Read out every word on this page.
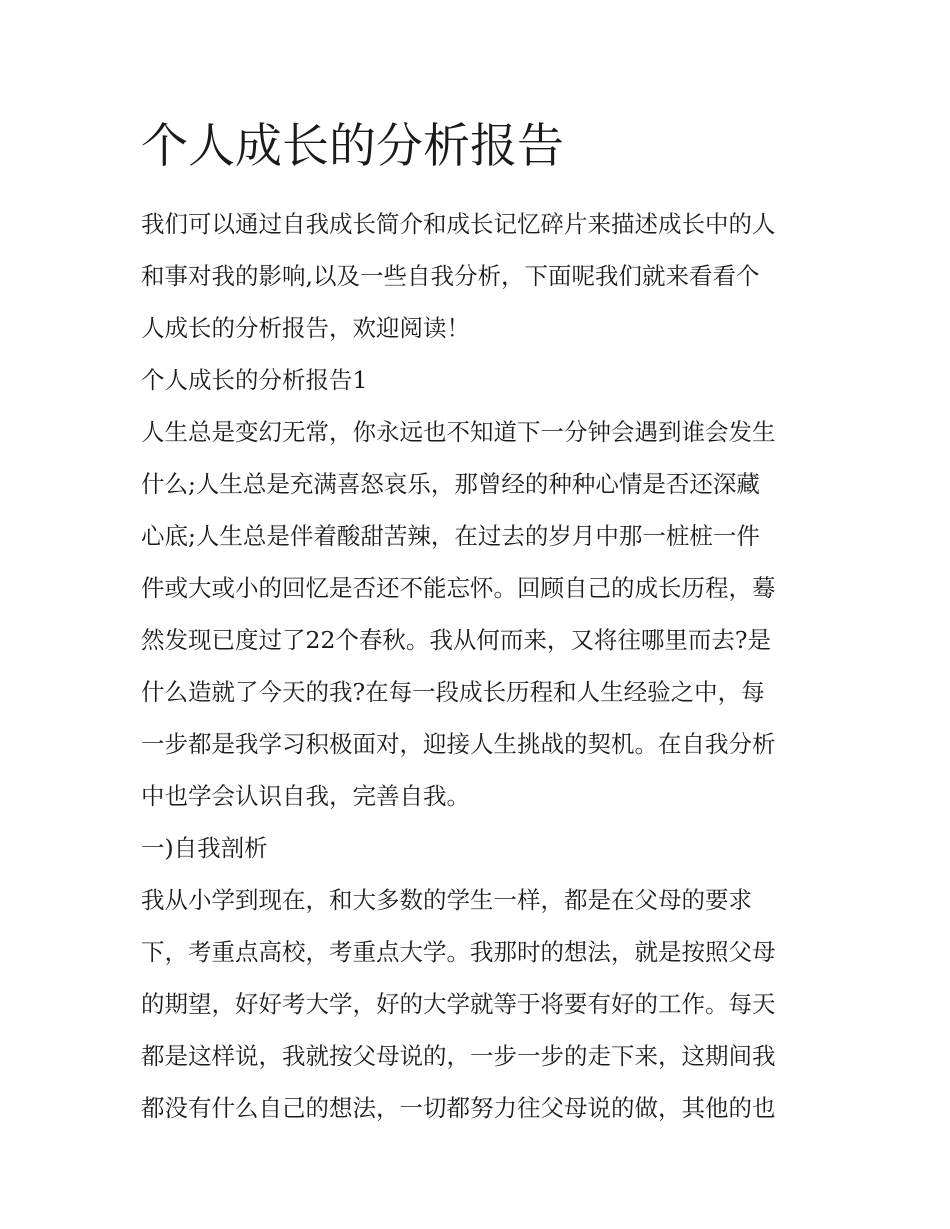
个人成长的分析报告

我们可以通过自我成长简介和成长记忆碎片来描述成长中的人
和事对我的影响,以及一些自我分析，下面呢我们就来看看个
人成长的分析报告，欢迎阅读！

个人成长的分析报告1

人生总是变幻无常，你永远也不知道下一分钟会遇到谁会发生
什么;人生总是充满喜怒哀乐，那曾经的种种心情是否还深藏
心底;人生总是伴着酸甜苦辣，在过去的岁月中那一桩桩一件
件或大或小的回忆是否还不能忘怀。回顾自己的成长历程，蓦
然发现已度过了22个春秋。我从何而来，又将往哪里而去?是
什么造就了今天的我?在每一段成长历程和人生经验之中，每
一步都是我学习积极面对，迎接人生挑战的契机。在自我分析
中也学会认识自我，完善自我。

一)自我剖析

我从小学到现在，和大多数的学生一样，都是在父母的要求
下，考重点高校，考重点大学。我那时的想法，就是按照父母
的期望，好好考大学，好的大学就等于将要有好的工作。每天
都是这样说，我就按父母说的，一步一步的走下来，这期间我
都没有什么自己的想法，一切都努力往父母说的做，其他的也
